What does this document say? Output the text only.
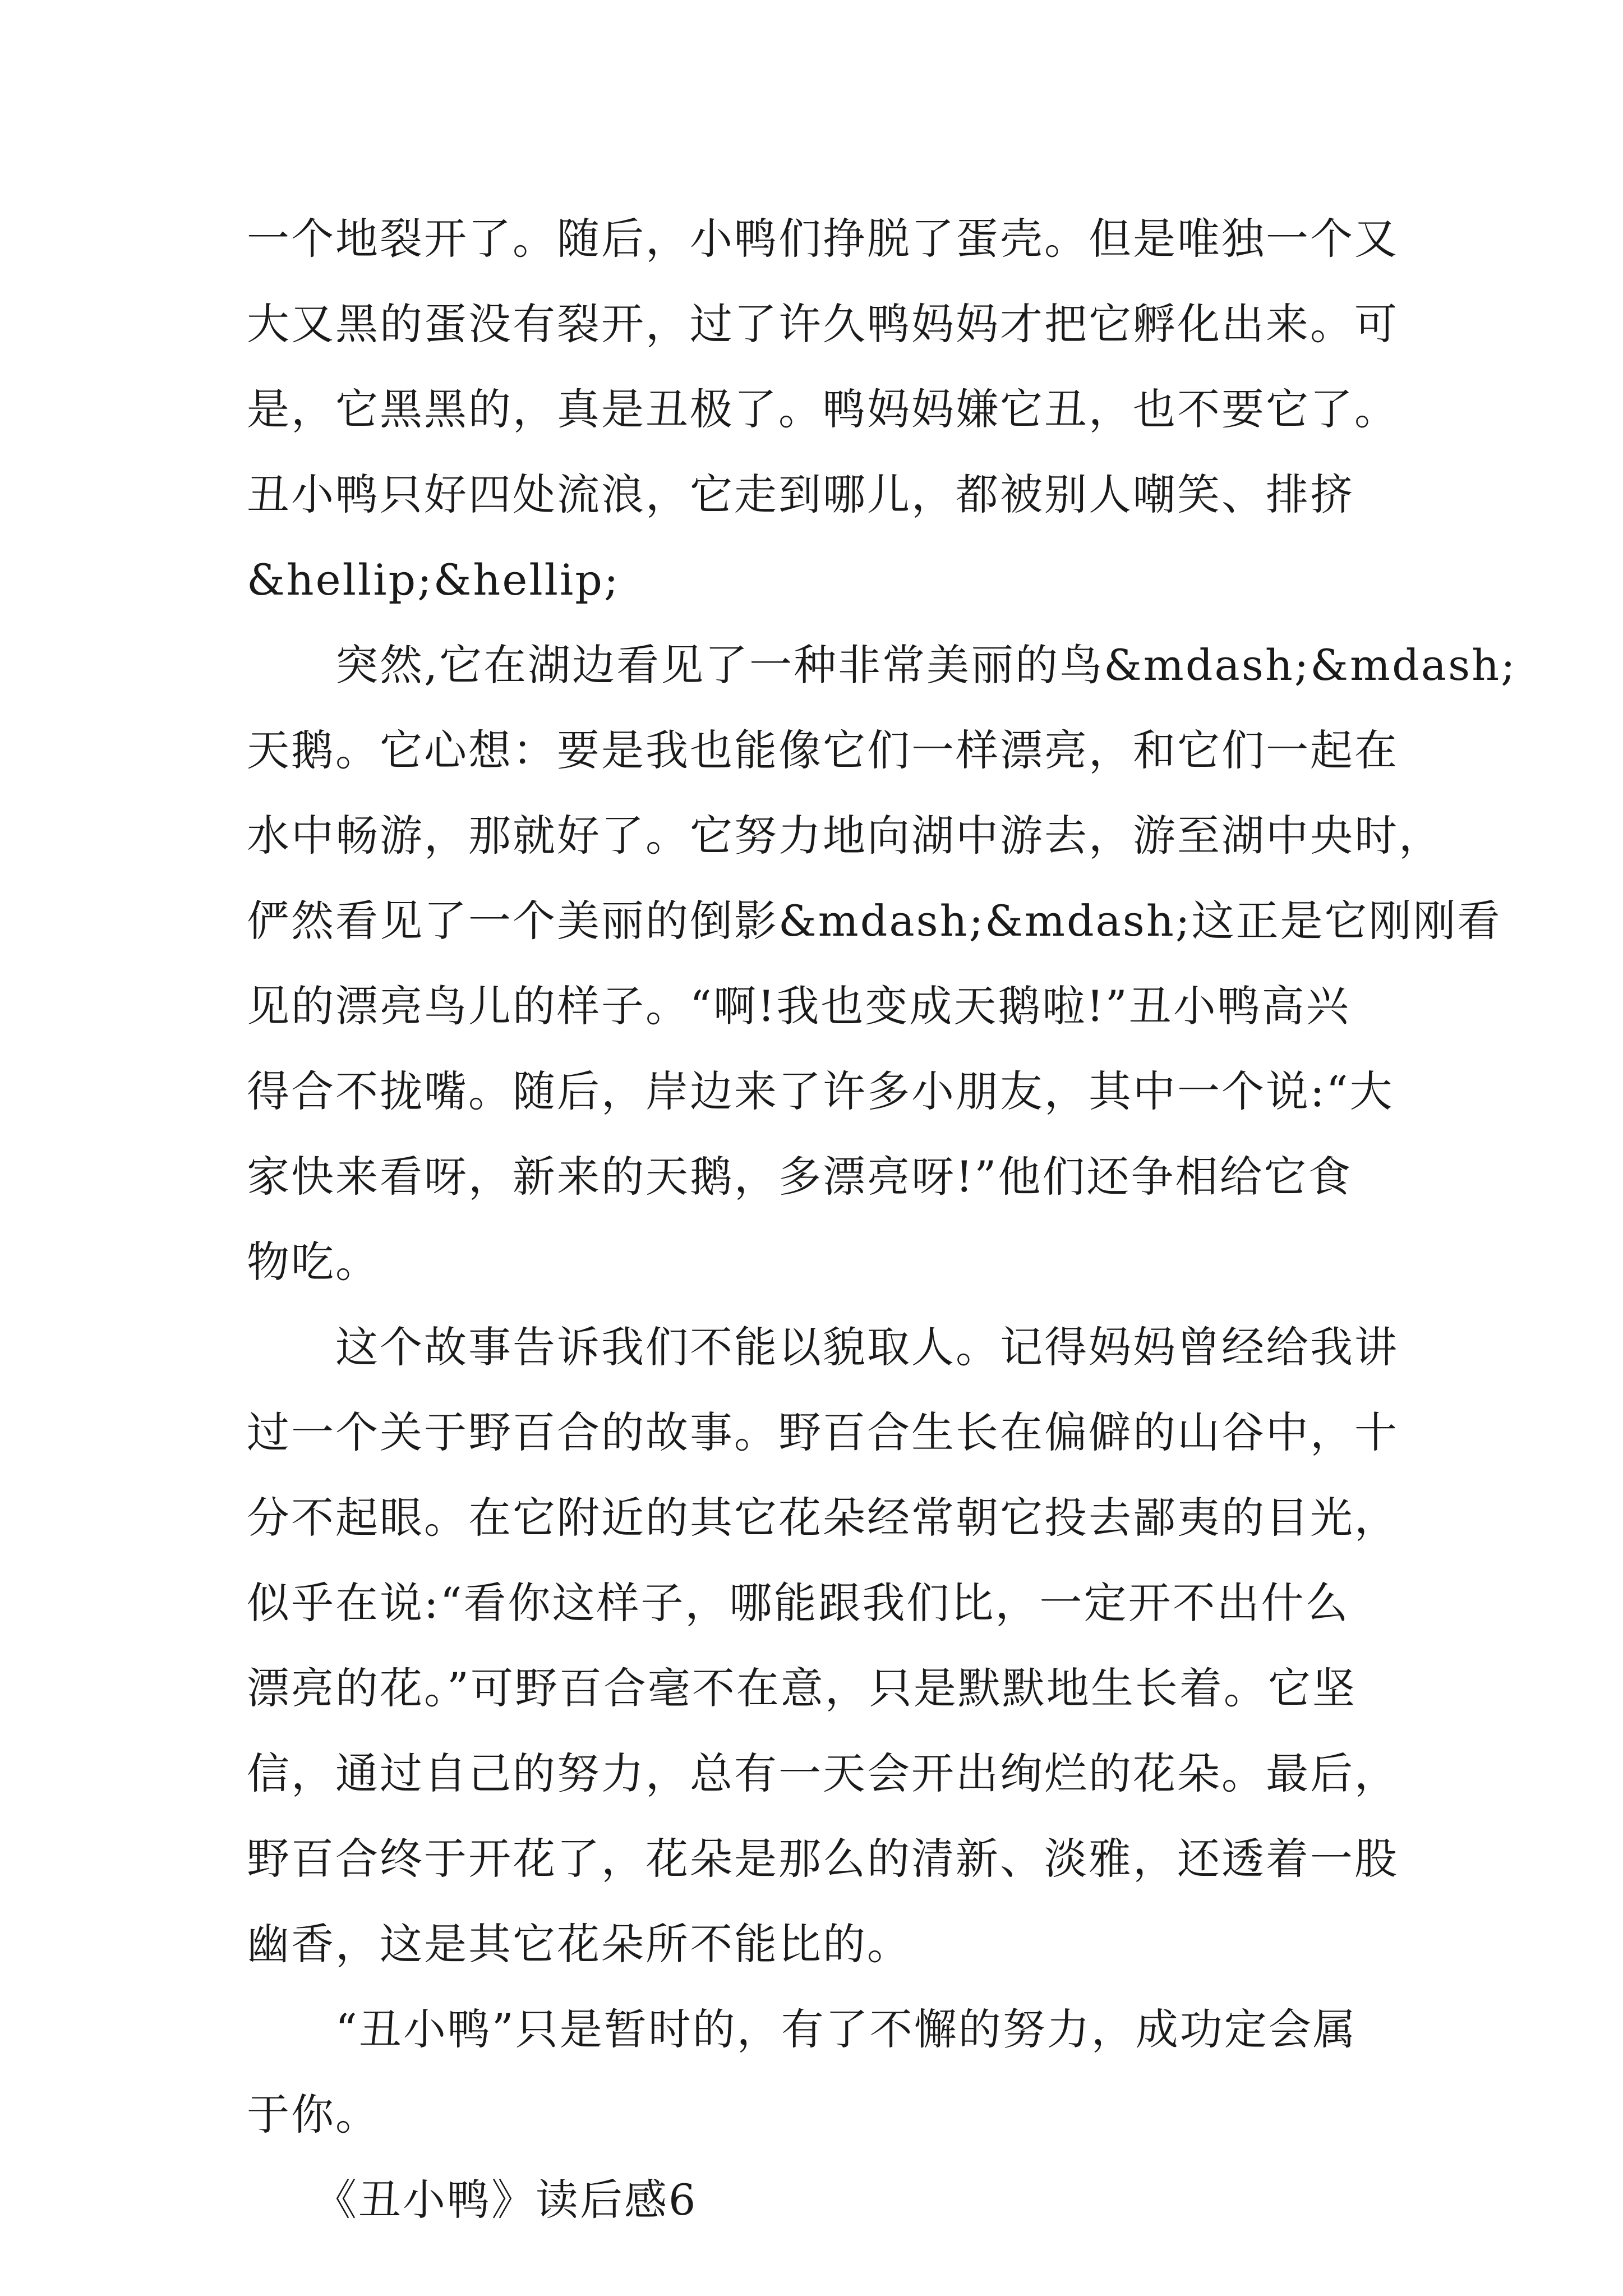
一个地裂开了。随后，小鸭们挣脱了蛋壳。但是唯独一个又
大又黑的蛋没有裂开，过了许久鸭妈妈才把它孵化出来。可
是，它黑黑的，真是丑极了。鸭妈妈嫌它丑，也不要它了。
丑小鸭只好四处流浪，它走到哪儿，都被别人嘲笑、排挤
&hellip;&hellip;
　　突然,它在湖边看见了一种非常美丽的鸟&mdash;&mdash;
天鹅。它心想：要是我也能像它们一样漂亮，和它们一起在
水中畅游，那就好了。它努力地向湖中游去，游至湖中央时，
俨然看见了一个美丽的倒影&mdash;&mdash;这正是它刚刚看
见的漂亮鸟儿的样子。“啊!我也变成天鹅啦!”丑小鸭高兴
得合不拢嘴。随后，岸边来了许多小朋友，其中一个说:“大
家快来看呀，新来的天鹅，多漂亮呀!”他们还争相给它食
物吃。
　　这个故事告诉我们不能以貌取人。记得妈妈曾经给我讲
过一个关于野百合的故事。野百合生长在偏僻的山谷中，十
分不起眼。在它附近的其它花朵经常朝它投去鄙夷的目光，
似乎在说:“看你这样子，哪能跟我们比，一定开不出什么
漂亮的花。”可野百合毫不在意，只是默默地生长着。它坚
信，通过自己的努力，总有一天会开出绚烂的花朵。最后，
野百合终于开花了，花朵是那么的清新、淡雅，还透着一股
幽香，这是其它花朵所不能比的。
　　“丑小鸭”只是暂时的，有了不懈的努力，成功定会属
于你。
　　《丑小鸭》读后感6
